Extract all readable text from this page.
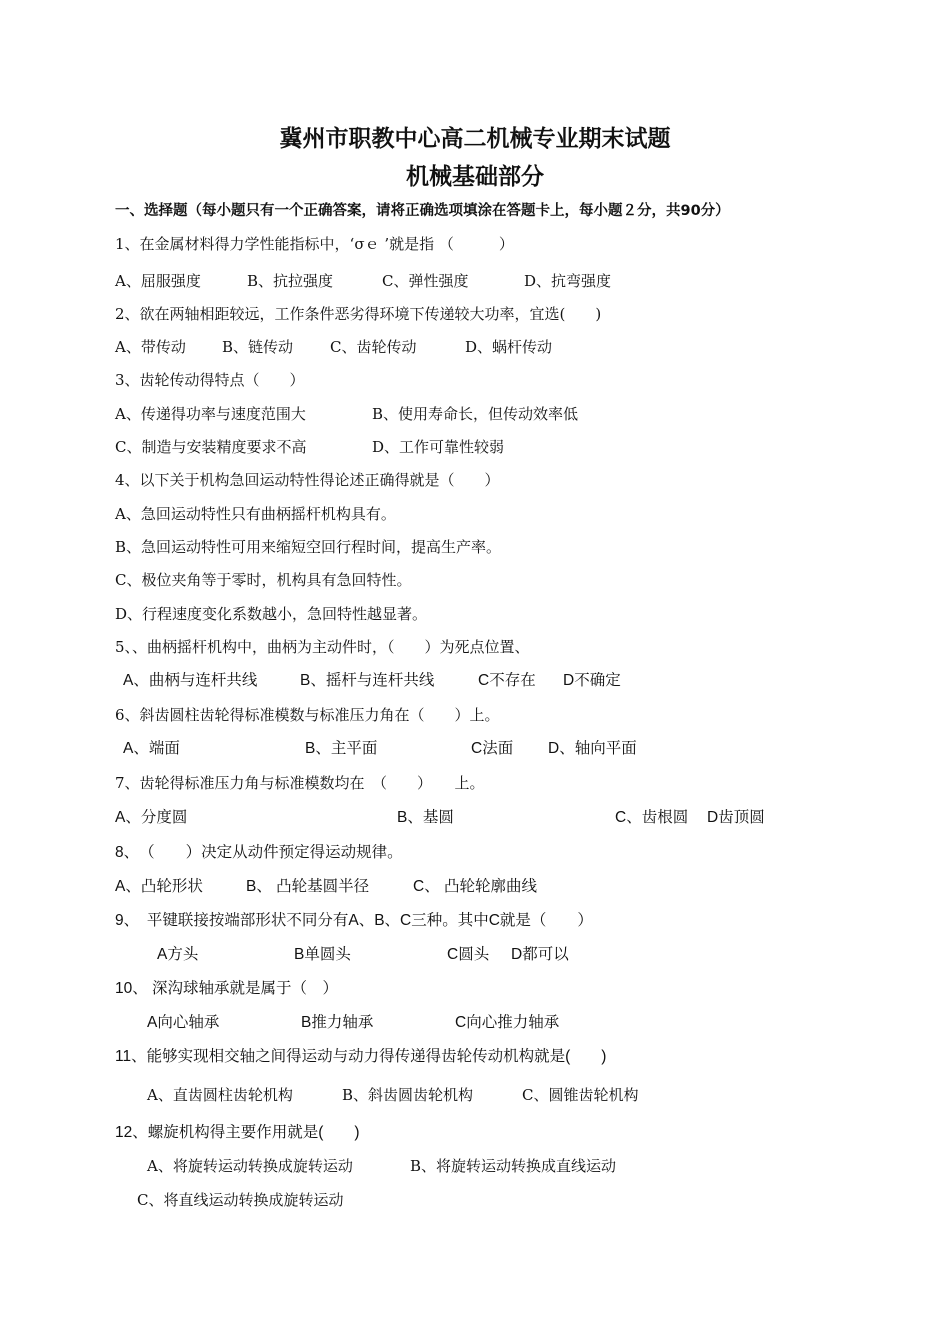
冀州市职教中心高二机械专业期末试题
机械基础部分
一、选择题（每小题只有一个正确答案，请将正确选项填涂在答题卡上，每小题２分，共90分）
1、在金属材料得力学性能指标中，‘σｅ ’就是指 （　　　）
A、屈服强度	B、抗拉强度	C、弹性强度	D、抗弯强度
2、欲在两轴相距较远，工作条件恶劣得环境下传递较大功率，宜选(　　)
A、带传动 B、链传动 C、齿轮传动	D、蜗杆传动
3、齿轮传动得特点（　　）
A、传递得功率与速度范围大	B、使用寿命长，但传动效率低
C、制造与安装精度要求不高	D、工作可靠性较弱
4、以下关于机构急回运动特性得论述正确得就是（　　）
A、急回运动特性只有曲柄摇杆机构具有。
B、急回运动特性可用来缩短空回行程时间，提高生产率。
C、极位夹角等于零时，机构具有急回特性。
D、行程速度变化系数越小，急回特性越显著。
5、、曲柄摇杆机构中，曲柄为主动件时，（　　）为死点位置、
A、曲柄与连杆共线	B、摇杆与连杆共线	C不存在 D不确定
6、斜齿圆柱齿轮得标准模数与标准压力角在（　　）上。
A、端面	B、主平面	C法面 D、轴向平面
7、齿轮得标准压力角与标准模数均在　（　　）　　上。
A、分度圆	B、基圆	C、齿根圆 D齿顶圆
8、　（　　）决定从动件预定得运动规律。
A、凸轮形状	B、 凸轮基圆半径	C、 凸轮轮廓曲线
9、　平键联接按端部形状不同分有A、B、C三种。其中C就是（　　）
A方头	B单圆头	C圆头 D都可以
10、 深沟球轴承就是属于（　）
A向心轴承	B推力轴承	C向心推力轴承
11、能够实现相交轴之间得运动与动力得传递得齿轮传动机构就是(　　)
A、直齿圆柱齿轮机构	B、斜齿圆齿轮机构	C、圆锥齿轮机构
12、螺旋机构得主要作用就是(　　)
A、将旋转运动转换成旋转运动	B、将旋转运动转换成直线运动
C、将直线运动转换成旋转运动
